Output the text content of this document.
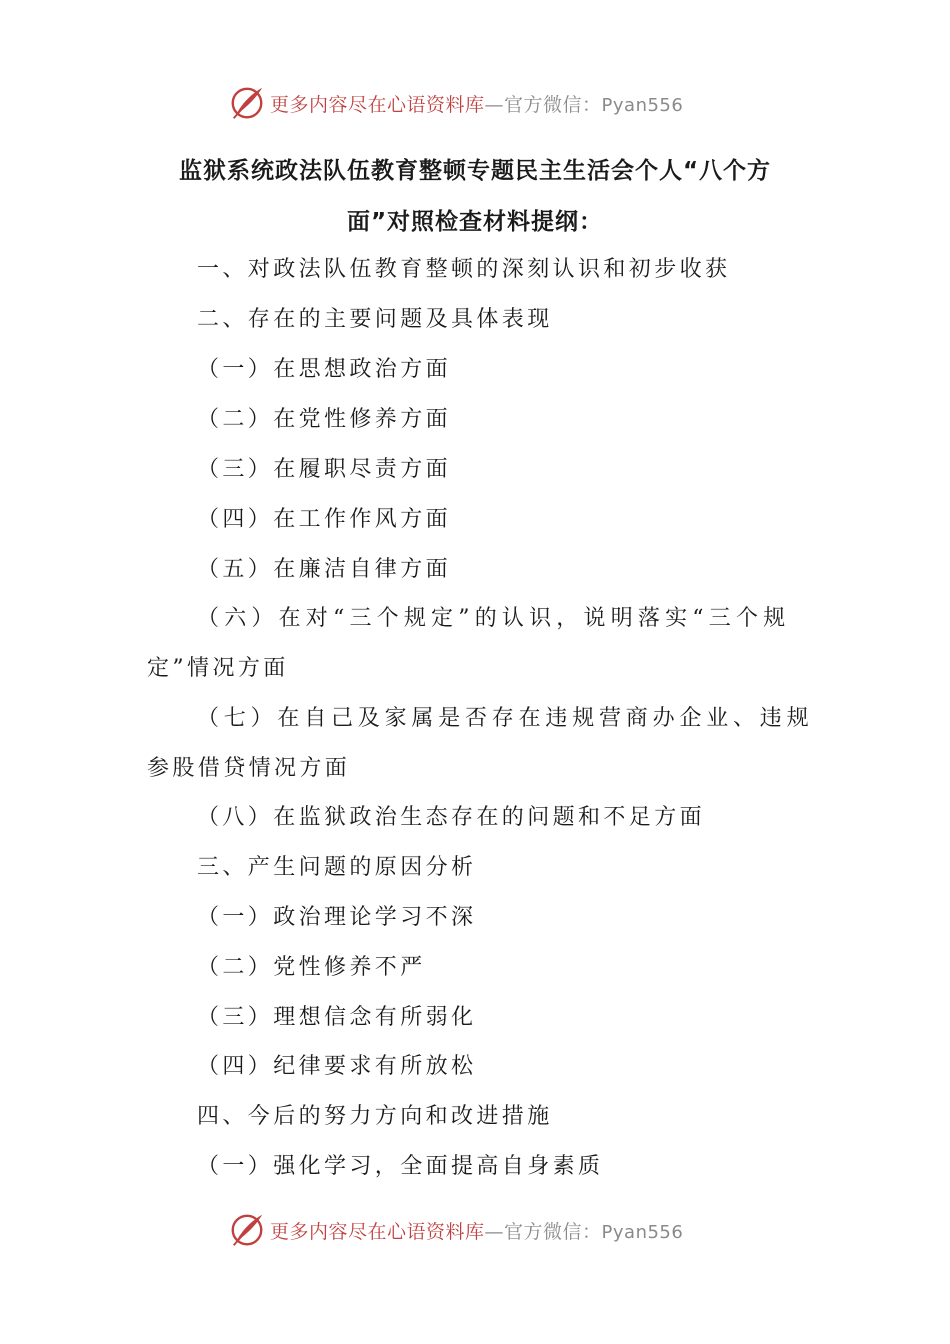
更多内容尽在心语资料库—官方微信：Pyan556
监狱系统政法队伍教育整顿专题民主生活会个人“八个方
面”对照检查材料提纲：
一、对政法队伍教育整顿的深刻认识和初步收获
二、存在的主要问题及具体表现
（一）在思想政治方面
（二）在党性修养方面
（三）在履职尽责方面
（四）在工作作风方面
（五）在廉洁自律方面
（六）在对“三个规定”的认识，说明落实“三个规
定”情况方面
（七）在自己及家属是否存在违规营商办企业、违规
参股借贷情况方面
（八）在监狱政治生态存在的问题和不足方面
三、产生问题的原因分析
（一）政治理论学习不深
（二）党性修养不严
（三）理想信念有所弱化
（四）纪律要求有所放松
四、今后的努力方向和改进措施
（一）强化学习，全面提高自身素质
更多内容尽在心语资料库—官方微信：Pyan556
